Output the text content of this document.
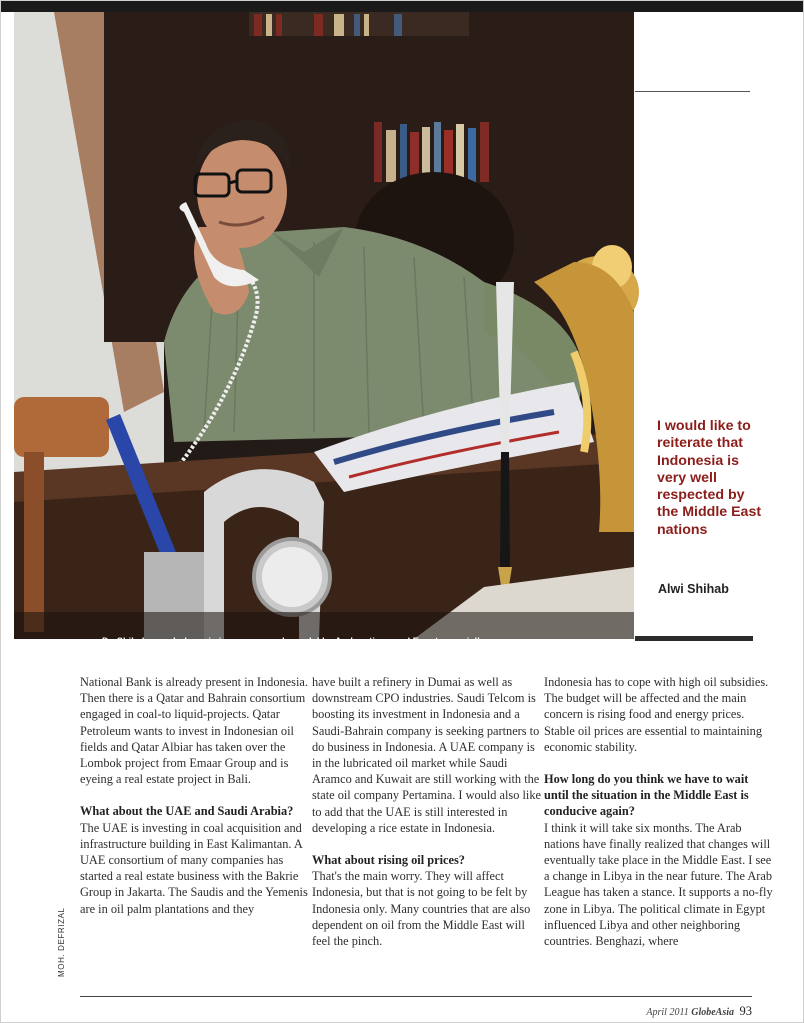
Dr. Shihab says Indonesia is seen as a role model by Arab nations and Egypt especially.

I would like to reiterate that Indonesia is very well respected by the Middle East nations

Alwi Shihab

National Bank is already present in Indonesia. Then there is a Qatar and Bahrain consortium engaged in coal-to liquid-projects. Qatar Petroleum wants to invest in Indonesian oil fields and Qatar Albiar has taken over the Lombok project from Emaar Group and is eyeing a real estate project in Bali.

What about the UAE and Saudi Arabia?

The UAE is investing in coal acquisition and infrastructure building in East Kalimantan. A UAE consortium of many companies has started a real estate business with the Bakrie Group in Jakarta. The Saudis and the Yemenis are in oil palm plantations and they

have built a refinery in Dumai as well as downstream CPO industries. Saudi Telcom is boosting its investment in Indonesia and a Saudi-Bahrain company is seeking partners to do business in Indonesia. A UAE company is in the lubricated oil market while Saudi Aramco and Kuwait are still working with the state oil company Pertamina. I would also like to add that the UAE is still interested in developing a rice estate in Indonesia.

What about rising oil prices?

That's the main worry. They will affect Indonesia, but that is not going to be felt by Indonesia only. Many countries that are also dependent on oil from the Middle East will feel the pinch.

Indonesia has to cope with high oil subsidies. The budget will be affected and the main concern is rising food and energy prices. Stable oil prices are essential to maintaining economic stability.

How long do you think we have to wait until the situation in the Middle East is conducive again?

I think it will take six months. The Arab nations have finally realized that changes will eventually take place in the Middle East. I see a change in Libya in the near future. The Arab League has taken a stance. It supports a no-fly zone in Libya. The political climate in Egypt influenced Libya and other neighboring countries. Benghazi, where

MOH. DEFRIZAL
April 2011 GlobeAsia 93
